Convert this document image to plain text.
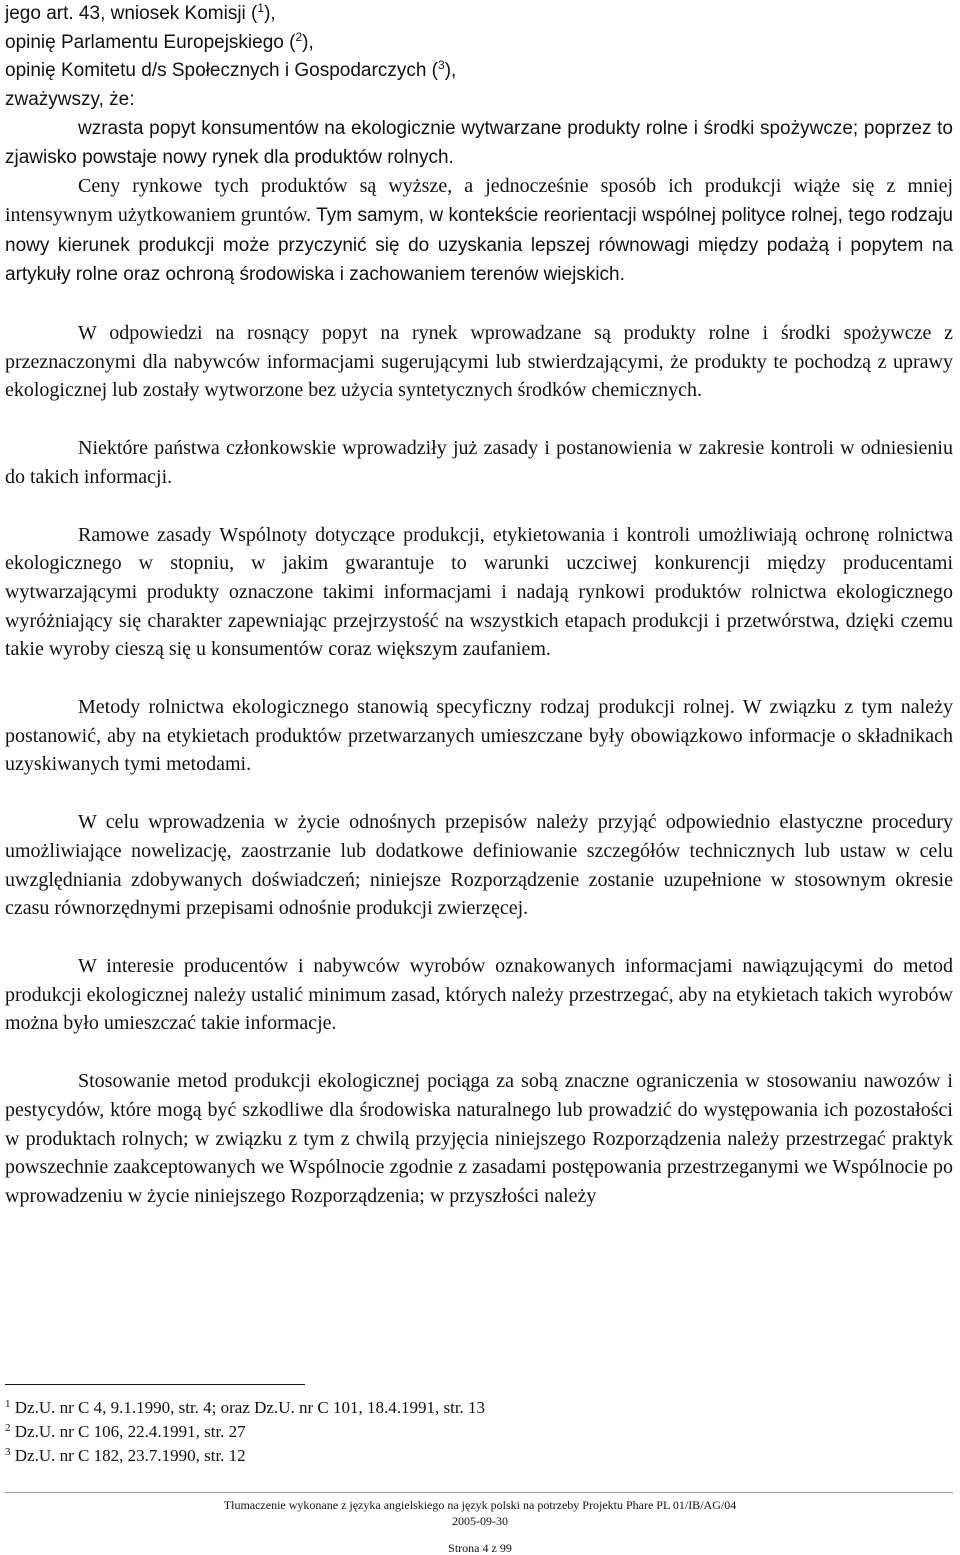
jego art. 43, wniosek Komisji ($^1$),
opinię Parlamentu Europejskiego ($^2$),
opinię Komitetu d/s Społecznych i Gospodarczych ($^3$),
zważywszy, że:

wzrasta popyt konsumentów na ekologicznie wytwarzane produkty rolne i środki spożywcze; poprzez to zjawisko powstaje nowy rynek dla produktów rolnych.

Ceny rynkowe tych produktów są wyższe, a jednocześnie sposób ich produkcji wiąże się z mniej intensywnym użytkowaniem gruntów. Tym samym, w kontekście reorientacji wspólnej polityce rolnej, tego rodzaju nowy kierunek produkcji może przyczynić się do uzyskania lepszej równowagi między podażą i popytem na artykuły rolne oraz ochroną środowiska i zachowaniem terenów wiejskich.

W odpowiedzi na rosnący popyt na rynek wprowadzane są produkty rolne i środki spożywcze z przeznaczonymi dla nabywców informacjami sugerującymi lub stwierdzającymi, że produkty te pochodzą z uprawy ekologicznej lub zostały wytworzone bez użycia syntetycznych środków chemicznych.

Niektóre państwa członkowskie wprowadziły już zasady i postanowienia w zakresie kontroli w odniesieniu do takich informacji.

Ramowe zasady Wspólnoty dotyczące produkcji, etykietowania i kontroli umożliwiają ochronę rolnictwa ekologicznego w stopniu, w jakim gwarantuje to warunki uczciwej konkurencji między producentami wytwarzającymi produkty oznaczone takimi informacjami i nadają rynkowi produktów rolnictwa ekologicznego wyróżniający się charakter zapewniając przejrzystość na wszystkich etapach produkcji i przetwórstwa, dzięki czemu takie wyroby cieszą się u konsumentów coraz większym zaufaniem.

Metody rolnictwa ekologicznego stanowią specyficzny rodzaj produkcji rolnej. W związku z tym należy postanowić, aby na etykietach produktów przetwarzanych umieszczane były obowiązkowo informacje o składnikach uzyskiwanych tymi metodami.

W celu wprowadzenia w życie odnośnych przepisów należy przyjąć odpowiednio elastyczne procedury umożliwiające nowelizację, zaostrzanie lub dodatkowe definiowanie szczegółów technicznych lub ustaw w celu uwzględniania zdobywanych doświadczeń; niniejsze Rozporządzenie zostanie uzupełnione w stosownym okresie czasu równorzędnymi przepisami odnośnie produkcji zwierzęcej.

W interesie producentów i nabywców wyrobów oznakowanych informacjami nawiązującymi do metod produkcji ekologicznej należy ustalić minimum zasad, których należy przestrzegać, aby na etykietach takich wyrobów można było umieszczać takie informacje.

Stosowanie metod produkcji ekologicznej pociąga za sobą znaczne ograniczenia w stosowaniu nawozów i pestycydów, które mogą być szkodliwe dla środowiska naturalnego lub prowadzić do występowania ich pozostałości w produktach rolnych; w związku z tym z chwilą przyjęcia niniejszego Rozporządzenia należy przestrzegać praktyk powszechnie zaakceptowanych we Wspólnocie zgodnie z zasadami postępowania przestrzeganymi we Wspólnocie po wprowadzeniu w życie niniejszego Rozporządzenia; w przyszłości należy

$^1$ Dz.U. nr C 4, 9.1.1990, str. 4; oraz Dz.U. nr C 101, 18.4.1991, str. 13
$^2$ Dz.U. nr C 106, 22.4.1991, str. 27
$^3$ Dz.U. nr C 182, 23.7.1990, str. 12
Tłumaczenie wykonane z języka angielskiego na język polski na potrzeby Projektu Phare PL 01/IB/AG/04
2005-09-30
Strona 4 z 99
